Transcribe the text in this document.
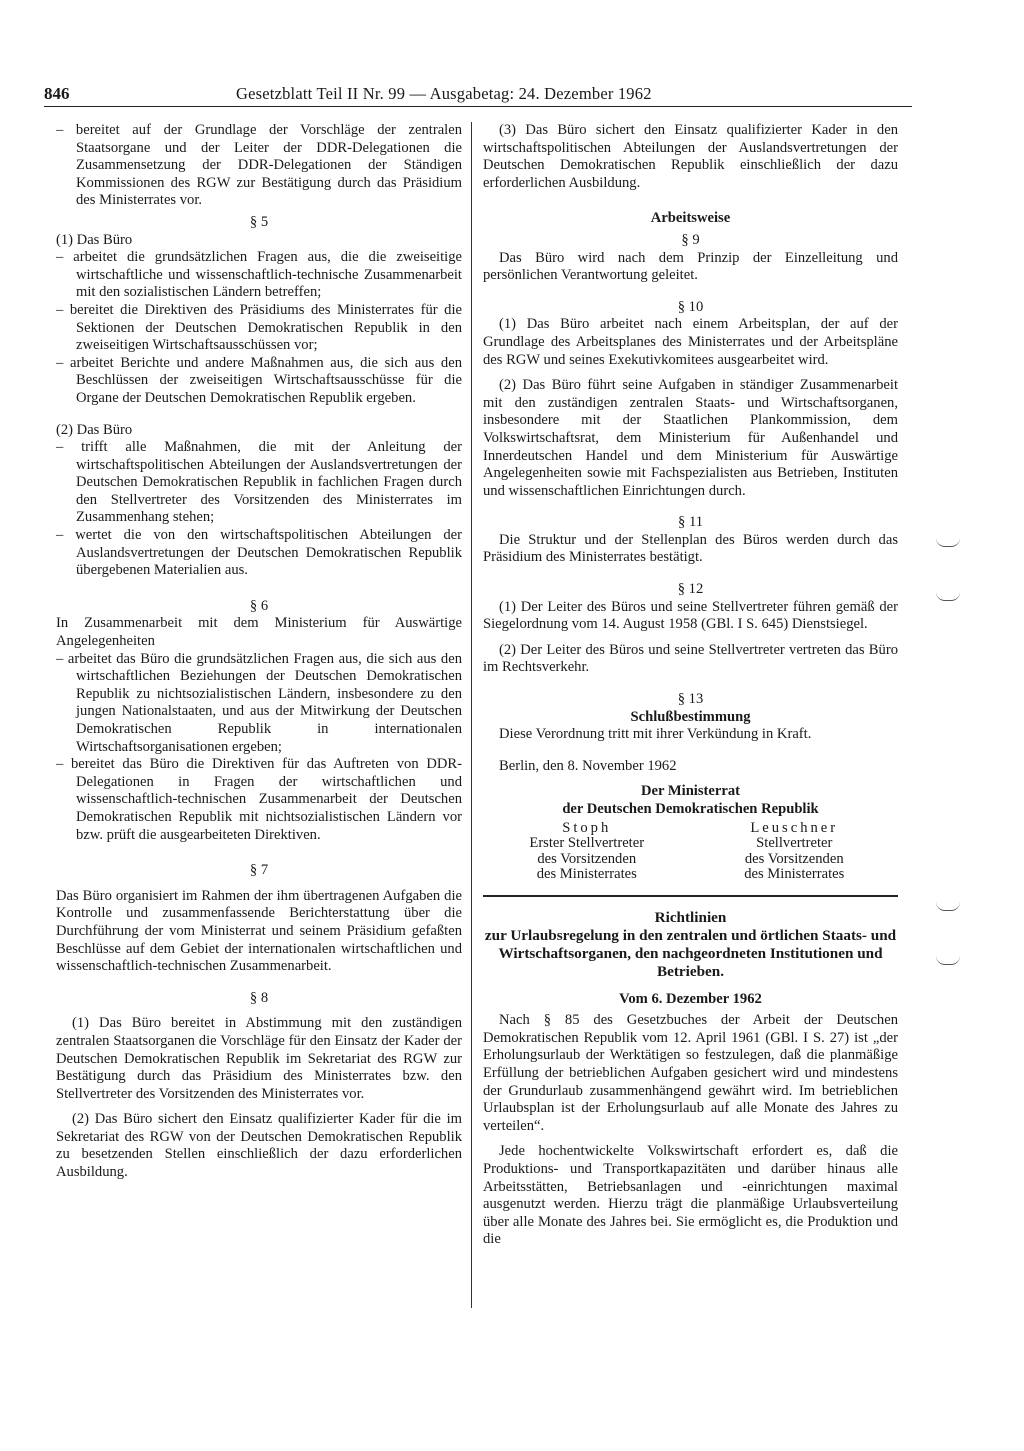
846	Gesetzblatt Teil II Nr. 99 — Ausgabetag: 24. Dezember 1962

– bereitet auf der Grundlage der Vorschläge der zentralen Staatsorgane und der Leiter der DDR-Delegationen die Zusammensetzung der DDR-Delegationen der Ständigen Kommissionen des RGW zur Bestätigung durch das Präsidium des Ministerrates vor.

§ 5

(1) Das Büro

– arbeitet die grundsätzlichen Fragen aus, die die zweiseitige wirtschaftliche und wissenschaftlich-technische Zusammenarbeit mit den sozialistischen Ländern betreffen;

– bereitet die Direktiven des Präsidiums des Ministerrates für die Sektionen der Deutschen Demokratischen Republik in den zweiseitigen Wirtschaftsausschüssen vor;

– arbeitet Berichte und andere Maßnahmen aus, die sich aus den Beschlüssen der zweiseitigen Wirtschaftsausschüsse für die Organe der Deutschen Demokratischen Republik ergeben.

(2) Das Büro

– trifft alle Maßnahmen, die mit der Anleitung der wirtschaftspolitischen Abteilungen der Auslandsvertretungen der Deutschen Demokratischen Republik in fachlichen Fragen durch den Stellvertreter des Vorsitzenden des Ministerrates im Zusammenhang stehen;

– wertet die von den wirtschaftspolitischen Abteilungen der Auslandsvertretungen der Deutschen Demokratischen Republik übergebenen Materialien aus.

§ 6

In Zusammenarbeit mit dem Ministerium für Auswärtige Angelegenheiten

– arbeitet das Büro die grundsätzlichen Fragen aus, die sich aus den wirtschaftlichen Beziehungen der Deutschen Demokratischen Republik zu nichtsozialistischen Ländern, insbesondere zu den jungen Nationalstaaten, und aus der Mitwirkung der Deutschen Demokratischen Republik in internationalen Wirtschaftsorganisationen ergeben;

– bereitet das Büro die Direktiven für das Auftreten von DDR-Delegationen in Fragen der wirtschaftlichen und wissenschaftlich-technischen Zusammenarbeit der Deutschen Demokratischen Republik mit nichtsozialistischen Ländern vor bzw. prüft die ausgearbeiteten Direktiven.

§ 7

Das Büro organisiert im Rahmen der ihm übertragenen Aufgaben die Kontrolle und zusammenfassende Berichterstattung über die Durchführung der vom Ministerrat und seinem Präsidium gefaßten Beschlüsse auf dem Gebiet der internationalen wirtschaftlichen und wissenschaftlich-technischen Zusammenarbeit.

§ 8

(1) Das Büro bereitet in Abstimmung mit den zuständigen zentralen Staatsorganen die Vorschläge für den Einsatz der Kader der Deutschen Demokratischen Republik im Sekretariat des RGW zur Bestätigung durch das Präsidium des Ministerrates bzw. den Stellvertreter des Vorsitzenden des Ministerrates vor.

(2) Das Büro sichert den Einsatz qualifizierter Kader für die im Sekretariat des RGW von der Deutschen Demokratischen Republik zu besetzenden Stellen einschließlich der dazu erforderlichen Ausbildung.

(3) Das Büro sichert den Einsatz qualifizierter Kader in den wirtschaftspolitischen Abteilungen der Auslandsvertretungen der Deutschen Demokratischen Republik einschließlich der dazu erforderlichen Ausbildung.

Arbeitsweise

§ 9

Das Büro wird nach dem Prinzip der Einzelleitung und persönlichen Verantwortung geleitet.

§ 10

(1) Das Büro arbeitet nach einem Arbeitsplan, der auf der Grundlage des Arbeitsplanes des Ministerrates und der Arbeitspläne des RGW und seines Exekutivkomitees ausgearbeitet wird.

(2) Das Büro führt seine Aufgaben in ständiger Zusammenarbeit mit den zuständigen zentralen Staats- und Wirtschaftsorganen, insbesondere mit der Staatlichen Plankommission, dem Volkswirtschaftsrat, dem Ministerium für Außenhandel und Innerdeutschen Handel und dem Ministerium für Auswärtige Angelegenheiten sowie mit Fachspezialisten aus Betrieben, Instituten und wissenschaftlichen Einrichtungen durch.

§ 11

Die Struktur und der Stellenplan des Büros werden durch das Präsidium des Ministerrates bestätigt.

§ 12

(1) Der Leiter des Büros und seine Stellvertreter führen gemäß der Siegelordnung vom 14. August 1958 (GBl. I S. 645) Dienstsiegel.

(2) Der Leiter des Büros und seine Stellvertreter vertreten das Büro im Rechtsverkehr.

§ 13

Schlußbestimmung

Diese Verordnung tritt mit ihrer Verkündung in Kraft.

Berlin, den 8. November 1962

Der Ministerrat

der Deutschen Demokratischen Republik

Stoph
Erster Stellvertreter
des Vorsitzenden
des Ministerrates
Leuschner
Stellvertreter
des Vorsitzenden
des Ministerrates

Richtlinien

zur Urlaubsregelung in den zentralen und örtlichen Staats- und Wirtschaftsorganen, den nachgeordneten Institutionen und Betrieben.

Vom 6. Dezember 1962

Nach § 85 des Gesetzbuches der Arbeit der Deutschen Demokratischen Republik vom 12. April 1961 (GBl. I S. 27) ist „der Erholungsurlaub der Werktätigen so festzulegen, daß die planmäßige Erfüllung der betrieblichen Aufgaben gesichert wird und mindestens der Grundurlaub zusammenhängend gewährt wird. Im betrieblichen Urlaubsplan ist der Erholungsurlaub auf alle Monate des Jahres zu verteilen“.

Jede hochentwickelte Volkswirtschaft erfordert es, daß die Produktions- und Transportkapazitäten und darüber hinaus alle Arbeitsstätten, Betriebsanlagen und -einrichtungen maximal ausgenutzt werden. Hierzu trägt die planmäßige Urlaubsverteilung über alle Monate des Jahres bei. Sie ermöglicht es, die Produktion und die
